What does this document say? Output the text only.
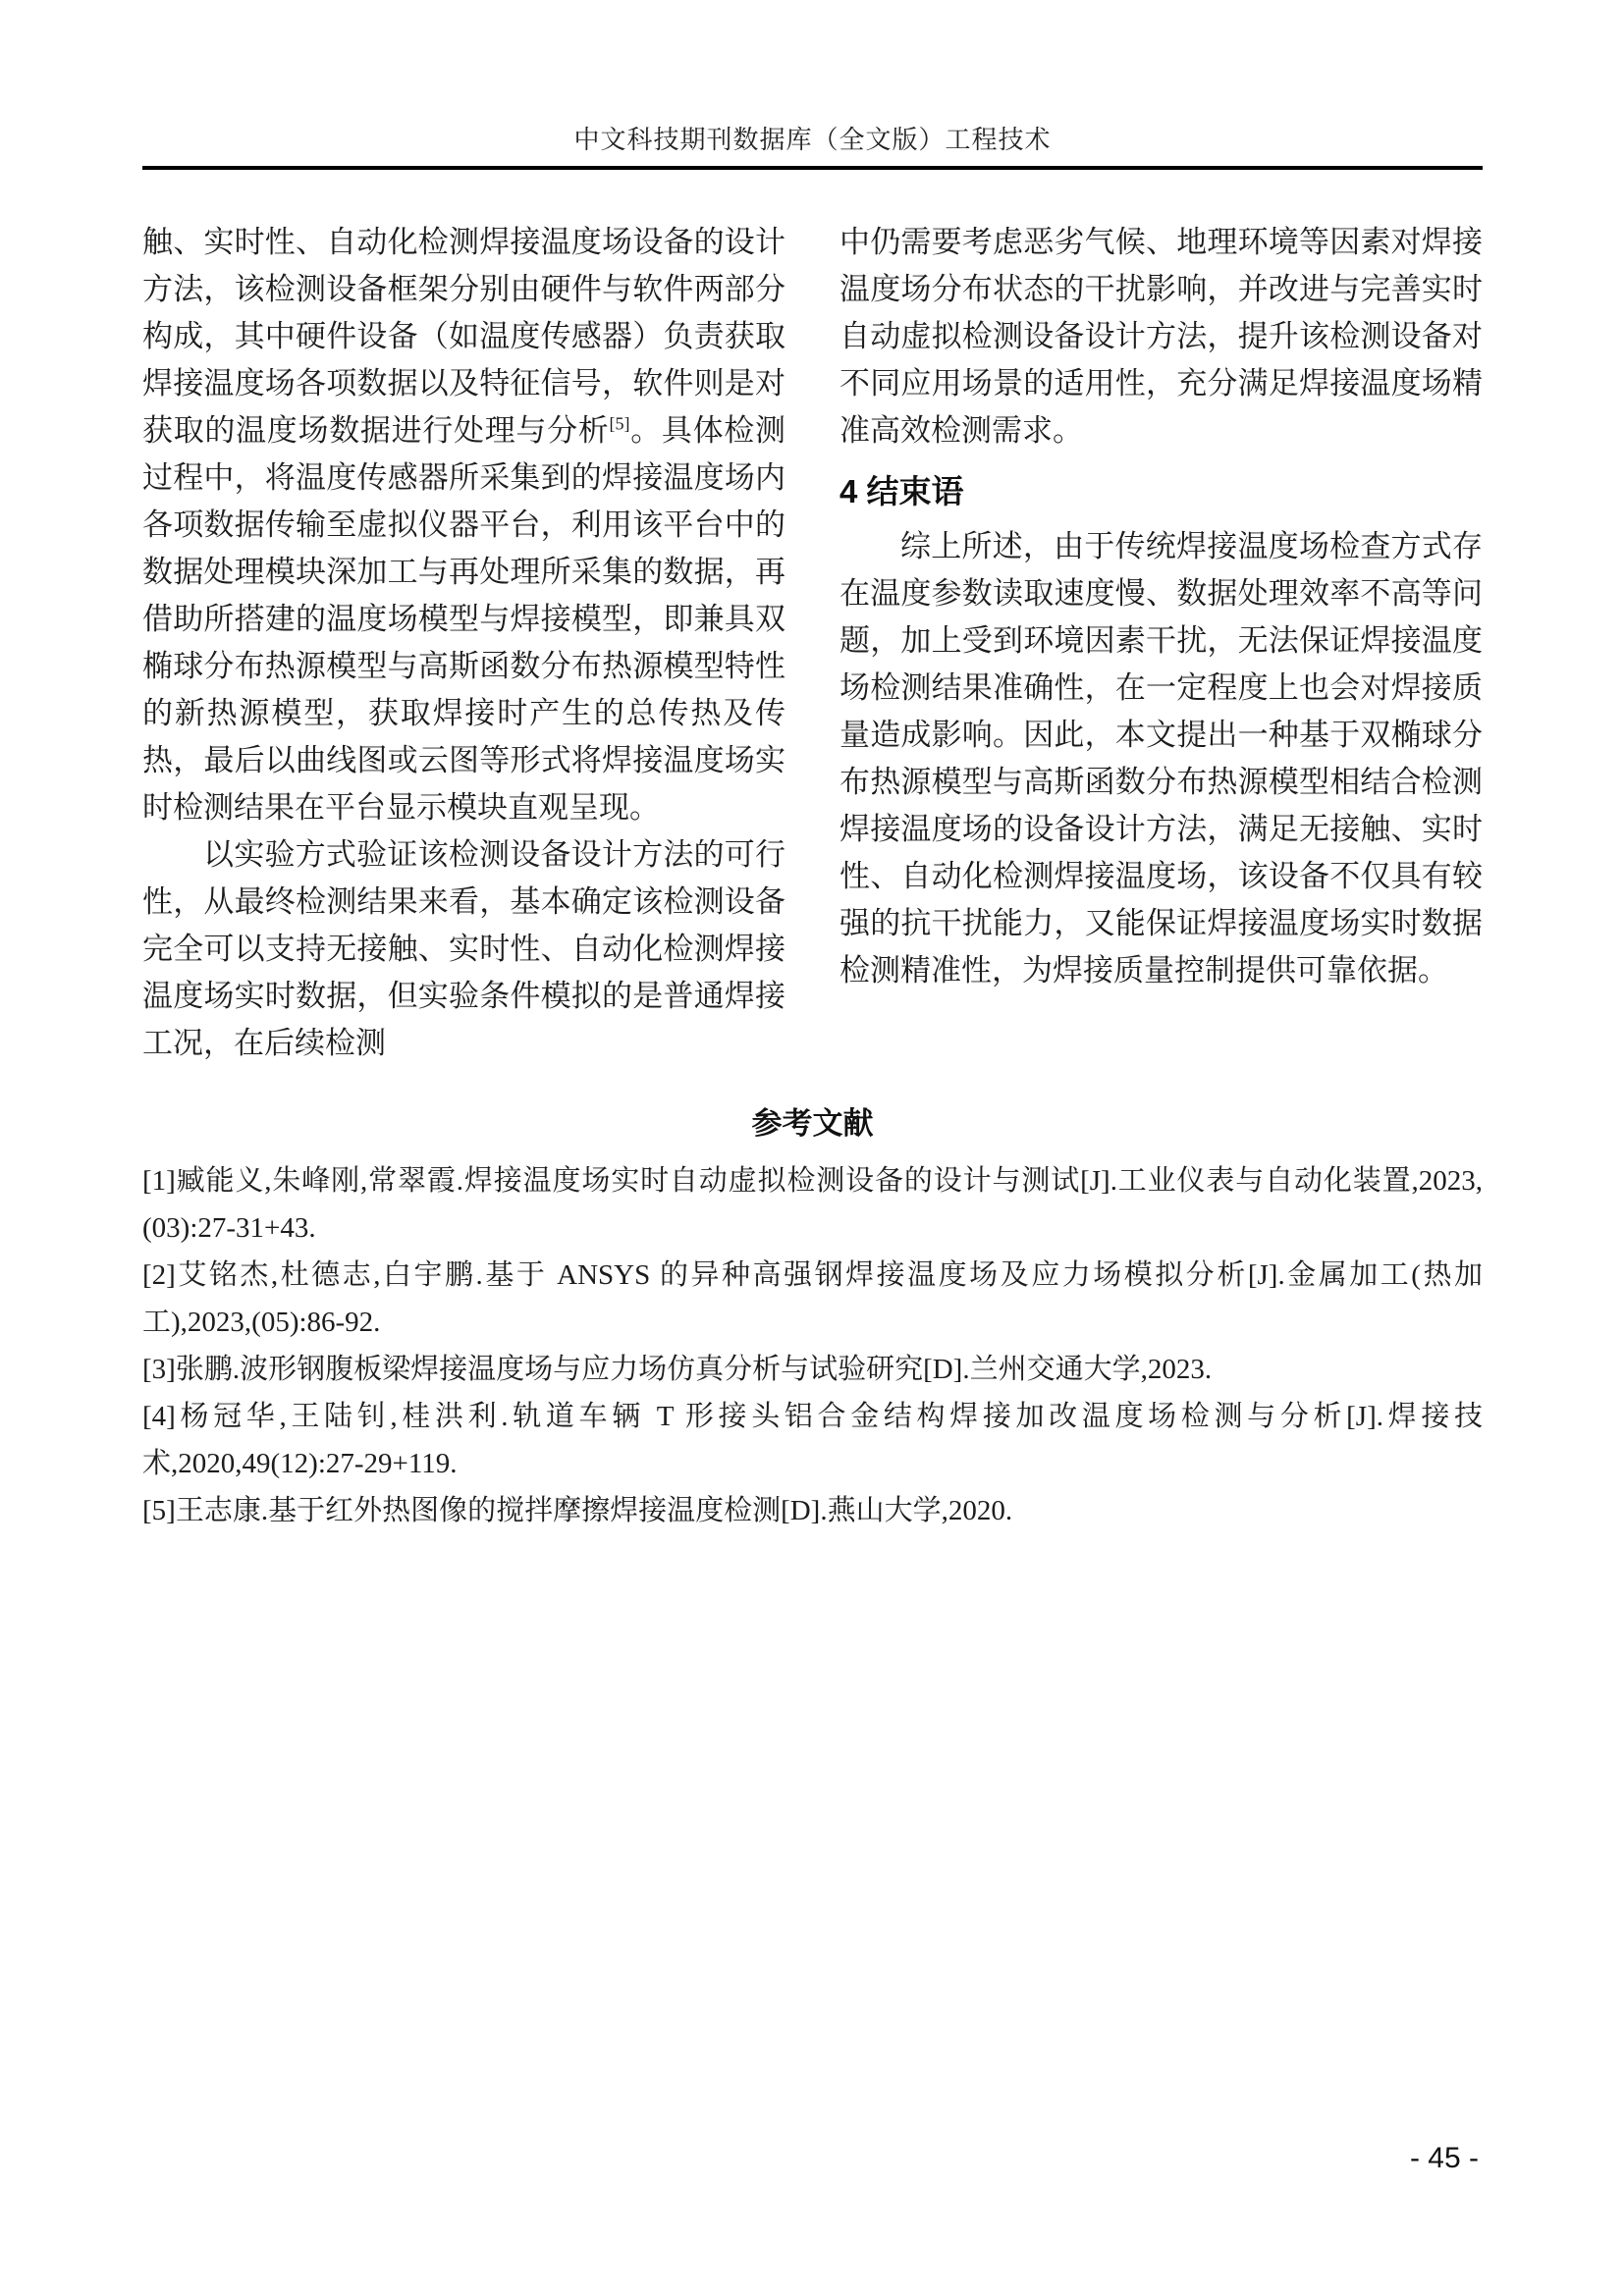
中文科技期刊数据库（全文版）工程技术

触、实时性、自动化检测焊接温度场设备的设计方法，该检测设备框架分别由硬件与软件两部分构成，其中硬件设备（如温度传感器）负责获取焊接温度场各项数据以及特征信号，软件则是对获取的温度场数据进行处理与分析[5]。具体检测过程中，将温度传感器所采集到的焊接温度场内各项数据传输至虚拟仪器平台，利用该平台中的数据处理模块深加工与再处理所采集的数据，再借助所搭建的温度场模型与焊接模型，即兼具双椭球分布热源模型与高斯函数分布热源模型特性的新热源模型，获取焊接时产生的总传热及传热，最后以曲线图或云图等形式将焊接温度场实时检测结果在平台显示模块直观呈现。

以实验方式验证该检测设备设计方法的可行性，从最终检测结果来看，基本确定该检测设备完全可以支持无接触、实时性、自动化检测焊接温度场实时数据，但实验条件模拟的是普通焊接工况，在后续检测

中仍需要考虑恶劣气候、地理环境等因素对焊接温度场分布状态的干扰影响，并改进与完善实时自动虚拟检测设备设计方法，提升该检测设备对不同应用场景的适用性，充分满足焊接温度场精准高效检测需求。

4 结束语

综上所述，由于传统焊接温度场检查方式存在温度参数读取速度慢、数据处理效率不高等问题，加上受到环境因素干扰，无法保证焊接温度场检测结果准确性，在一定程度上也会对焊接质量造成影响。因此，本文提出一种基于双椭球分布热源模型与高斯函数分布热源模型相结合检测焊接温度场的设备设计方法，满足无接触、实时性、自动化检测焊接温度场，该设备不仅具有较强的抗干扰能力，又能保证焊接温度场实时数据检测精准性，为焊接质量控制提供可靠依据。

参考文献

[1]臧能义,朱峰刚,常翠霞.焊接温度场实时自动虚拟检测设备的设计与测试[J].工业仪表与自动化装置,2023,(03):27-31+43.

[2]艾铭杰,杜德志,白宇鹏.基于 ANSYS 的异种高强钢焊接温度场及应力场模拟分析[J].金属加工(热加工),2023,(05):86-92.

[3]张鹏.波形钢腹板梁焊接温度场与应力场仿真分析与试验研究[D].兰州交通大学,2023.

[4]杨冠华,王陆钊,桂洪利.轨道车辆 T 形接头铝合金结构焊接加改温度场检测与分析[J].焊接技术,2020,49(12):27-29+119.

[5]王志康.基于红外热图像的搅拌摩擦焊接温度检测[D].燕山大学,2020.

- 45 -
